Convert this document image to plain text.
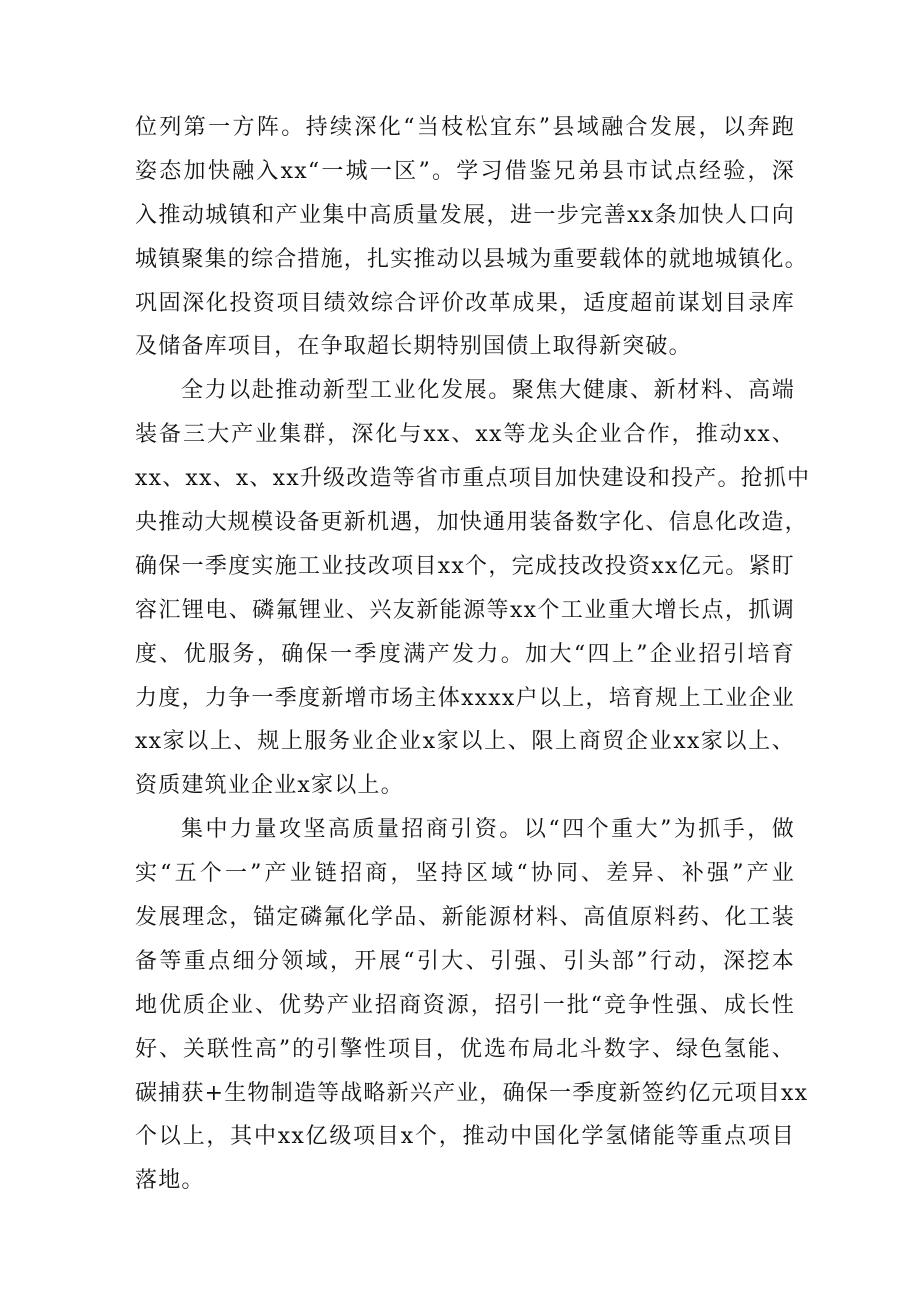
位列第一方阵。持续深化“当枝松宜东”县域融合发展，以奔跑
姿态加快融入xx“一城一区”。学习借鉴兄弟县市试点经验，深
入推动城镇和产业集中高质量发展，进一步完善xx条加快人口向
城镇聚集的综合措施，扎实推动以县城为重要载体的就地城镇化。
巩固深化投资项目绩效综合评价改革成果，适度超前谋划目录库
及储备库项目，在争取超长期特别国债上取得新突破。
全力以赴推动新型工业化发展。聚焦大健康、新材料、高端
装备三大产业集群，深化与xx、xx等龙头企业合作，推动xx、
xx、xx、x、xx升级改造等省市重点项目加快建设和投产。抢抓中
央推动大规模设备更新机遇，加快通用装备数字化、信息化改造，
确保一季度实施工业技改项目xx个，完成技改投资xx亿元。紧盯
容汇锂电、磷氟锂业、兴友新能源等xx个工业重大增长点，抓调
度、优服务，确保一季度满产发力。加大“四上”企业招引培育
力度，力争一季度新增市场主体xxxx户以上，培育规上工业企业
xx家以上、规上服务业企业x家以上、限上商贸企业xx家以上、
资质建筑业企业x家以上。
集中力量攻坚高质量招商引资。以“四个重大”为抓手，做
实“五个一”产业链招商，坚持区域“协同、差异、补强”产业
发展理念，锚定磷氟化学品、新能源材料、高值原料药、化工装
备等重点细分领域，开展“引大、引强、引头部”行动，深挖本
地优质企业、优势产业招商资源，招引一批“竞争性强、成长性
好、关联性高”的引擎性项目，优选布局北斗数字、绿色氢能、
碳捕获+生物制造等战略新兴产业，确保一季度新签约亿元项目xx
个以上，其中xx亿级项目x个，推动中国化学氢储能等重点项目
落地。
